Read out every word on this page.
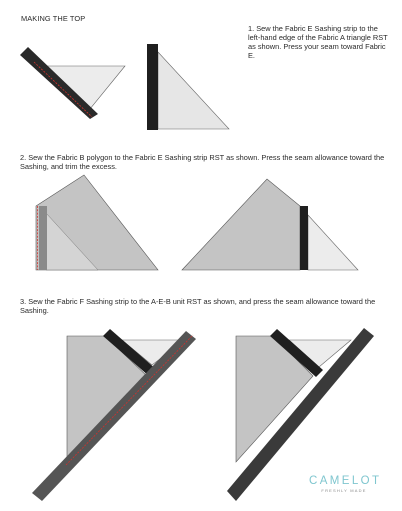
MAKING THE TOP

1. Sew the Fabric E Sashing strip to the left-hand edge of the Fabric A triangle RST as shown. Press your seam toward Fabric E.

2. Sew the Fabric B polygon to the Fabric E Sashing strip RST as shown. Press the seam allowance toward the Sashing, and trim the excess.

3. Sew the Fabric F Sashing strip to the A-E-B unit RST as shown, and press the seam allowance toward the Sashing.

CAMELOT
FRESHLY MADE
